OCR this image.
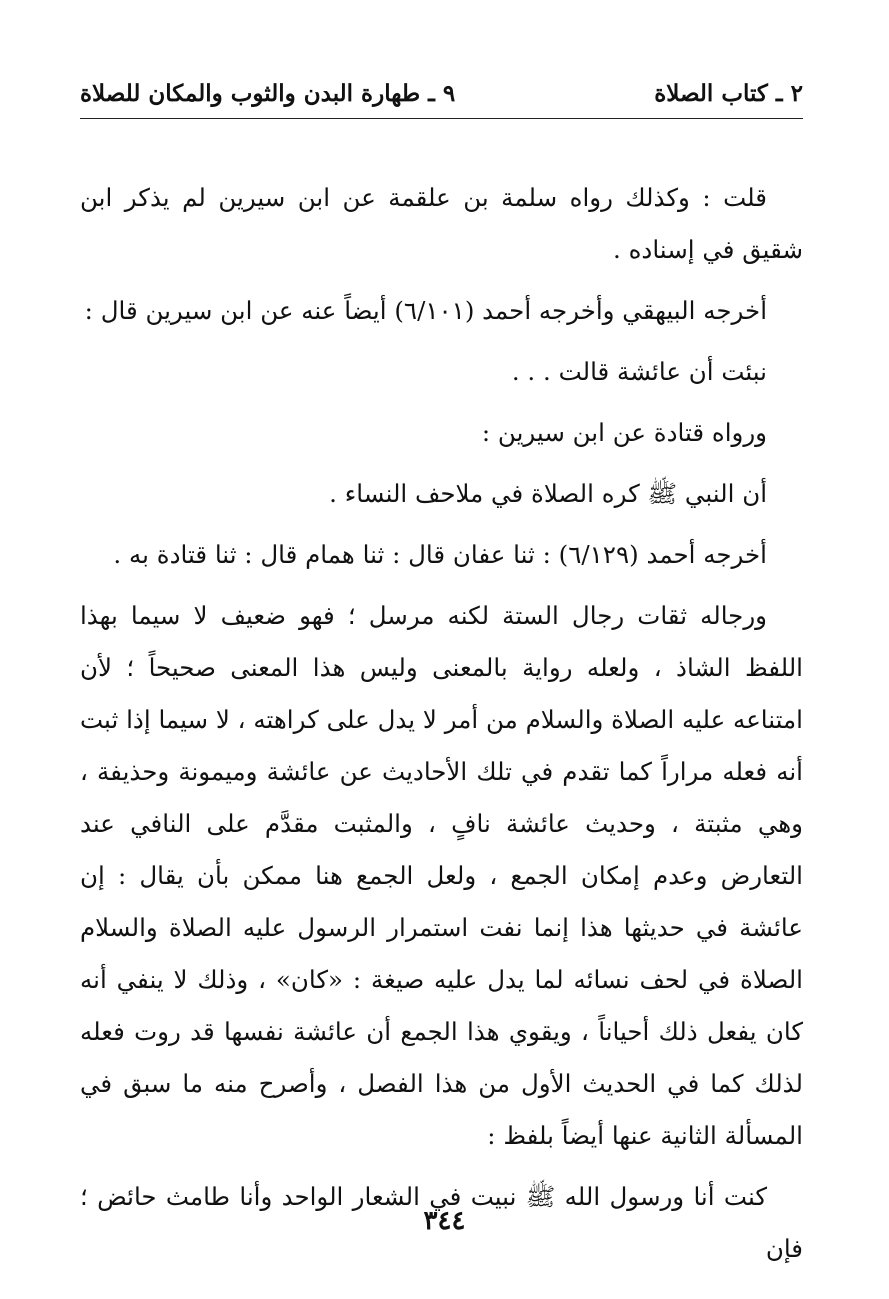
٢ ـ كتاب الصلاة
٩ ـ طهارة البدن والثوب والمكان للصلاة

قلت : وكذلك رواه سلمة بن علقمة عن ابن سيرين لم يذكر ابن شقيق في إسناده .

أخرجه البيهقي وأخرجه أحمد (٦/١٠١) أيضاً عنه عن ابن سيرين قال :

نبئت أن عائشة قالت . . .

ورواه قتادة عن ابن سيرين :

أن النبي ﷺ كره الصلاة في ملاحف النساء .

أخرجه أحمد (٦/١٢٩) : ثنا عفان قال : ثنا همام قال : ثنا قتادة به .

ورجاله ثقات رجال الستة لكنه مرسل ؛ فهو ضعيف لا سيما بهذا اللفظ الشاذ ، ولعله رواية بالمعنى وليس هذا المعنى صحيحاً ؛ لأن امتناعه عليه الصلاة والسلام من أمر لا يدل على كراهته ، لا سيما إذا ثبت أنه فعله مراراً كما تقدم في تلك الأحاديث عن عائشة وميمونة وحذيفة ، وهي مثبتة ، وحديث عائشة نافٍ ، والمثبت مقدَّم على النافي عند التعارض وعدم إمكان الجمع ، ولعل الجمع هنا ممكن بأن يقال : إن عائشة في حديثها هذا إنما نفت استمرار الرسول عليه الصلاة والسلام الصلاة في لحف نسائه لما يدل عليه صيغة : «كان» ، وذلك لا ينفي أنه كان يفعل ذلك أحياناً ، ويقوي هذا الجمع أن عائشة نفسها قد روت فعله لذلك كما في الحديث الأول من هذا الفصل ، وأصرح منه ما سبق في المسألة الثانية عنها أيضاً بلفظ :

كنت أنا ورسول الله ﷺ نبيت في الشعار الواحد وأنا طامث حائض ؛ فإن

٣٤٤
